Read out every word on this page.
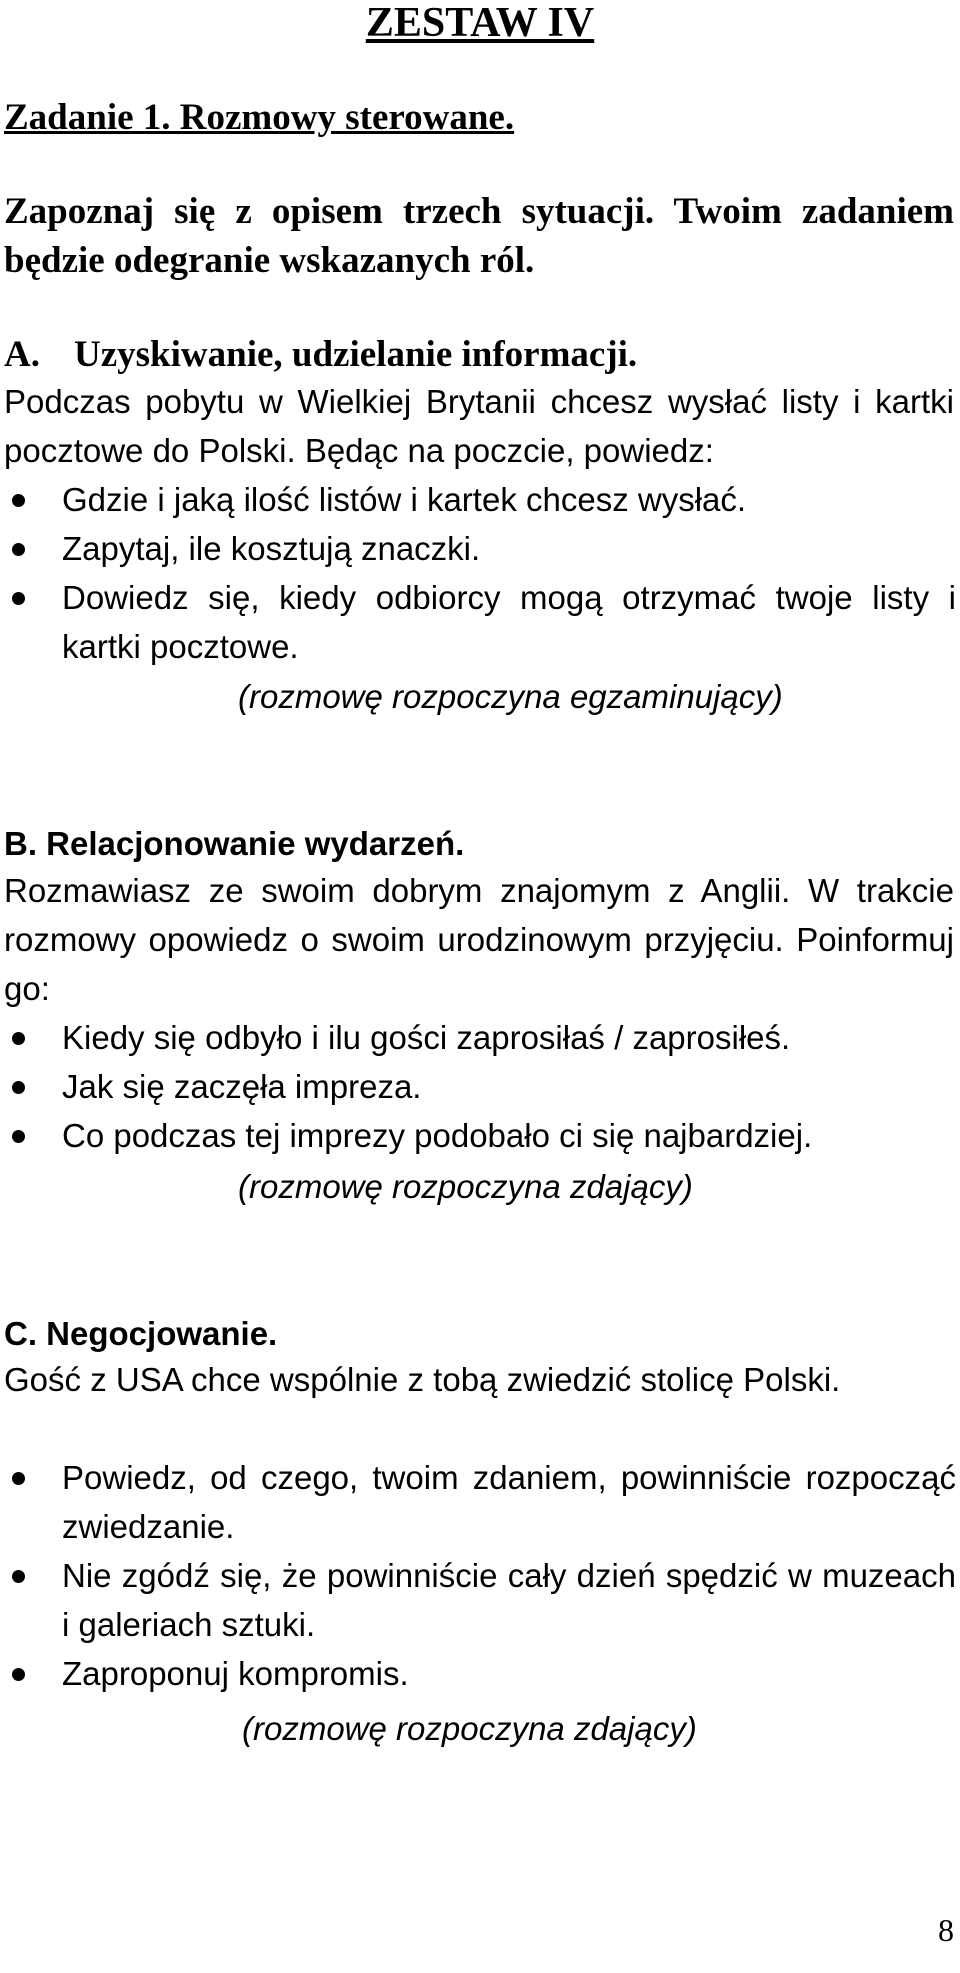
ZESTAW IV
Zadanie 1. Rozmowy sterowane.
Zapoznaj się z opisem trzech sytuacji. Twoim zadaniem będzie odegranie wskazanych ról.
A. Uzyskiwanie, udzielanie informacji.
Podczas pobytu w Wielkiej Brytanii chcesz wysłać listy i kartki pocztowe do Polski. Będąc na poczcie, powiedz:
Gdzie i jaką ilość listów i kartek chcesz wysłać.
Zapytaj, ile kosztują znaczki.
Dowiedz się, kiedy odbiorcy mogą otrzymać twoje listy i kartki pocztowe.
(rozmowę rozpoczyna egzaminujący)
B. Relacjonowanie wydarzeń.
Rozmawiasz ze swoim dobrym znajomym z Anglii. W trakcie rozmowy opowiedz o swoim urodzinowym przyjęciu. Poinformuj go:
Kiedy się odbyło i ilu gości zaprosiłaś / zaprosiłeś.
Jak się zaczęła impreza.
Co podczas tej imprezy podobało ci się najbardziej.
(rozmowę rozpoczyna zdający)
C. Negocjowanie.
Gość z USA chce wspólnie z tobą zwiedzić stolicę Polski.
Powiedz, od czego, twoim zdaniem, powinniście rozpocząć zwiedzanie.
Nie zgódź się, że powinniście cały dzień spędzić w muzeach i galeriach sztuki.
Zaproponuj kompromis.
(rozmowę rozpoczyna zdający)
8
